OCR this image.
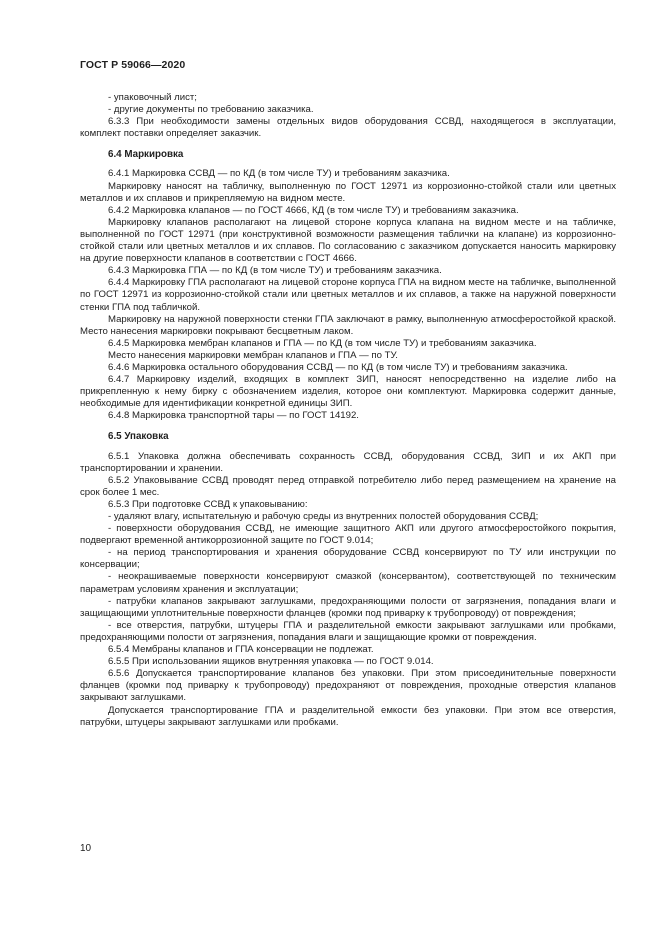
ГОСТ Р 59066—2020

- упаковочный лист;

- другие документы по требованию заказчика.

6.3.3 При необходимости замены отдельных видов оборудования ССВД, находящегося в эксплуатации, комплект поставки определяет заказчик.

6.4 Маркировка

6.4.1 Маркировка ССВД — по КД (в том числе ТУ) и требованиям заказчика.

Маркировку наносят на табличку, выполненную по ГОСТ 12971 из коррозионно-стойкой стали или цветных металлов и их сплавов и прикрепляемую на видном месте.

6.4.2 Маркировка клапанов — по ГОСТ 4666, КД (в том числе ТУ) и требованиям заказчика.

Маркировку клапанов располагают на лицевой стороне корпуса клапана на видном месте и на табличке, выполненной по ГОСТ 12971 (при конструктивной возможности размещения таблички на клапане) из коррозионно-стойкой стали или цветных металлов и их сплавов. По согласованию с заказчиком допускается наносить маркировку на другие поверхности клапанов в соответствии с ГОСТ 4666.

6.4.3 Маркировка ГПА — по КД (в том числе ТУ) и требованиям заказчика.

6.4.4 Маркировку ГПА располагают на лицевой стороне корпуса ГПА на видном месте на табличке, выполненной по ГОСТ 12971 из коррозионно-стойкой стали или цветных металлов и их сплавов, а также на наружной поверхности стенки ГПА под табличкой.

Маркировку на наружной поверхности стенки ГПА заключают в рамку, выполненную атмосферостойкой краской. Место нанесения маркировки покрывают бесцветным лаком.

6.4.5 Маркировка мембран клапанов и ГПА — по КД (в том числе ТУ) и требованиям заказчика.

Место нанесения маркировки мембран клапанов и ГПА — по ТУ.

6.4.6 Маркировка остального оборудования ССВД — по КД (в том числе ТУ) и требованиям заказчика.

6.4.7 Маркировку изделий, входящих в комплект ЗИП, наносят непосредственно на изделие либо на прикрепленную к нему бирку с обозначением изделия, которое они комплектуют. Маркировка содержит данные, необходимые для идентификации конкретной единицы ЗИП.

6.4.8 Маркировка транспортной тары — по ГОСТ 14192.

6.5 Упаковка

6.5.1 Упаковка должна обеспечивать сохранность ССВД, оборудования ССВД, ЗИП и их АКП при транспортировании и хранении.

6.5.2 Упаковывание ССВД проводят перед отправкой потребителю либо перед размещением на хранение на срок более 1 мес.

6.5.3 При подготовке ССВД к упаковыванию:

- удаляют влагу, испытательную и рабочую среды из внутренних полостей оборудования ССВД;

- поверхности оборудования ССВД, не имеющие защитного АКП или другого атмосферостойкого покрытия, подвергают временной антикоррозионной защите по ГОСТ 9.014;

- на период транспортирования и хранения оборудование ССВД консервируют по ТУ или инструкции по консервации;

- неокрашиваемые поверхности консервируют смазкой (консервантом), соответствующей по техническим параметрам условиям хранения и эксплуатации;

- патрубки клапанов закрывают заглушками, предохраняющими полости от загрязнения, попадания влаги и защищающими уплотнительные поверхности фланцев (кромки под приварку к трубопроводу) от повреждения;

- все отверстия, патрубки, штуцеры ГПА и разделительной емкости закрывают заглушками или пробками, предохраняющими полости от загрязнения, попадания влаги и защищающие кромки от повреждения.

6.5.4 Мембраны клапанов и ГПА консервации не подлежат.

6.5.5 При использовании ящиков внутренняя упаковка — по ГОСТ 9.014.

6.5.6 Допускается транспортирование клапанов без упаковки. При этом присоединительные поверхности фланцев (кромки под приварку к трубопроводу) предохраняют от повреждения, проходные отверстия клапанов закрывают заглушками.

Допускается транспортирование ГПА и разделительной емкости без упаковки. При этом все отверстия, патрубки, штуцеры закрывают заглушками или пробками.

10
